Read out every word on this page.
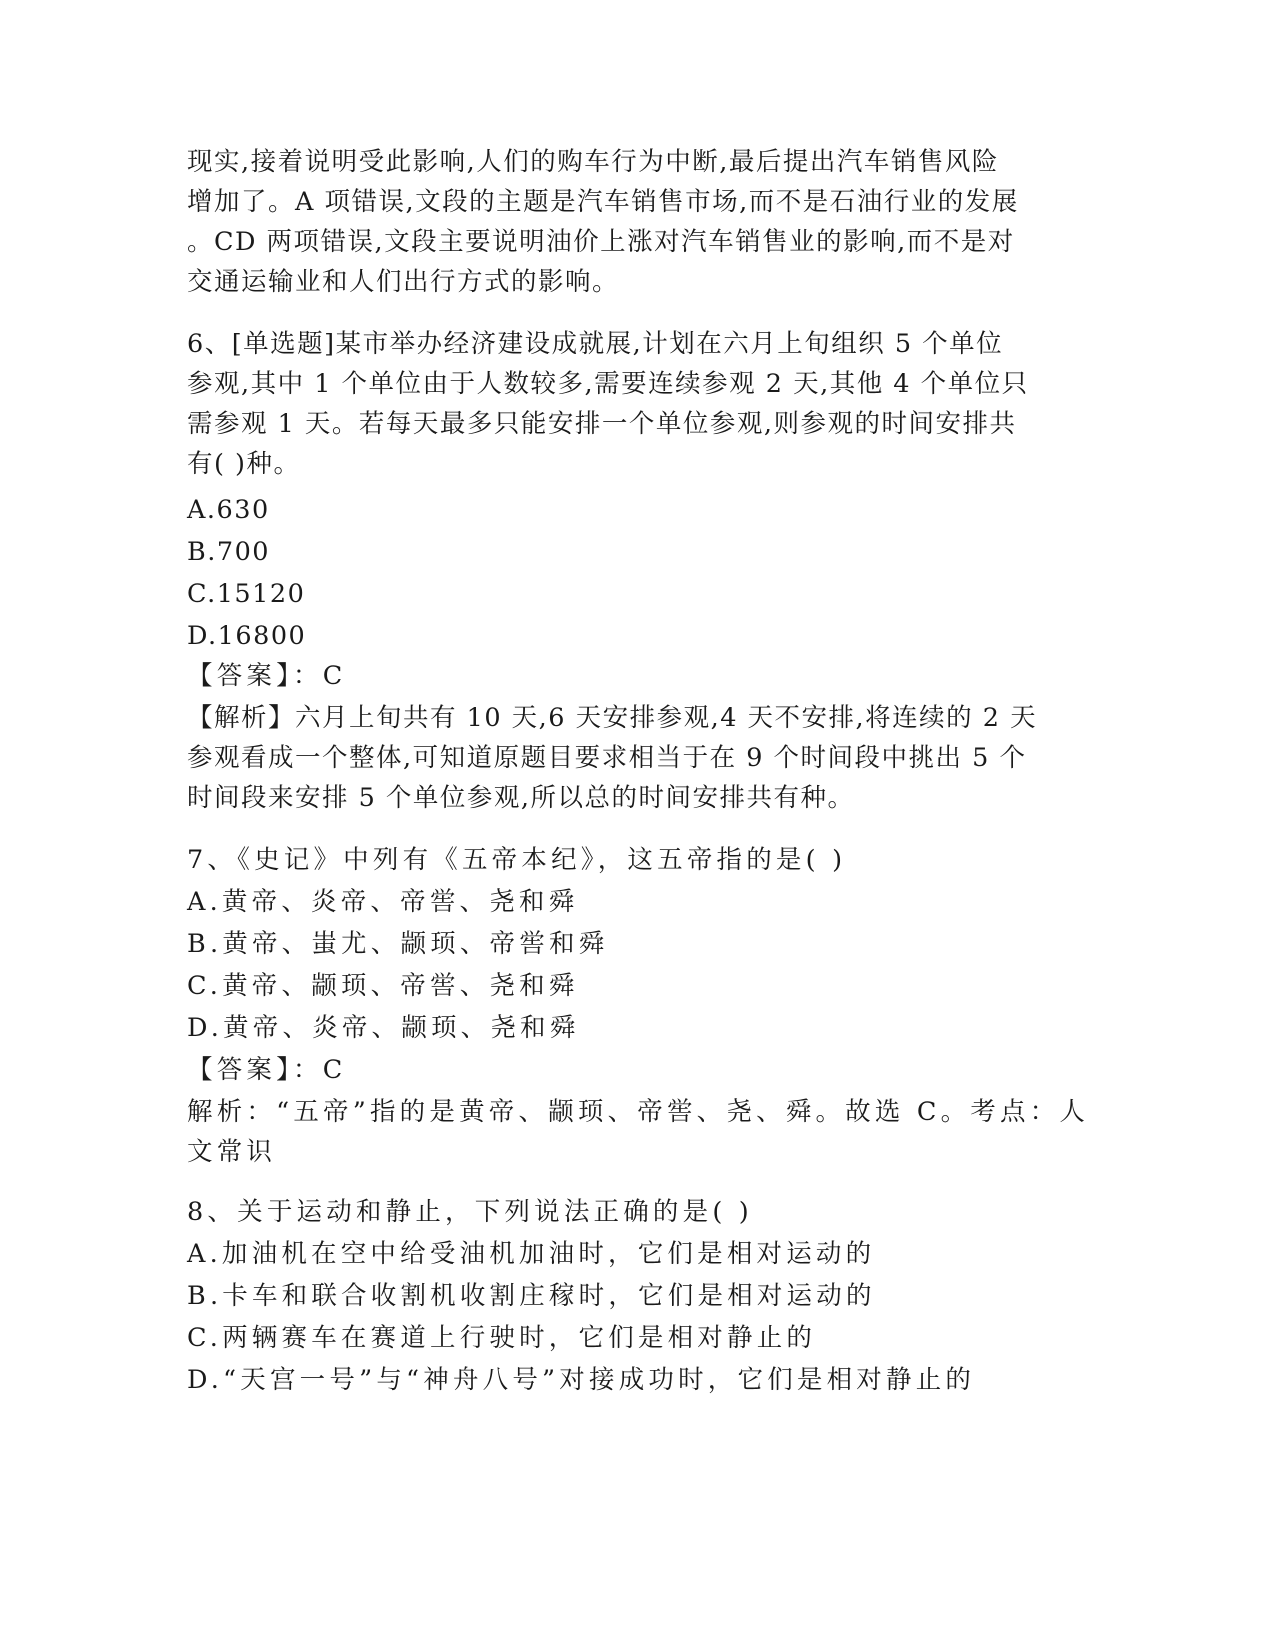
现实,接着说明受此影响,人们的购车行为中断,最后提出汽车销售风险
增加了。A 项错误,文段的主题是汽车销售市场,而不是石油行业的发展
。CD 两项错误,文段主要说明油价上涨对汽车销售业的影响,而不是对
交通运输业和人们出行方式的影响。
6、[单选题]某市举办经济建设成就展,计划在六月上旬组织 5 个单位
参观,其中 1 个单位由于人数较多,需要连续参观 2 天,其他 4 个单位只
需参观 1 天。若每天最多只能安排一个单位参观,则参观的时间安排共
有( )种。
A.630
B.700
C.15120
D.16800
【答案】：C
【解析】六月上旬共有 10 天,6 天安排参观,4 天不安排,将连续的 2 天
参观看成一个整体,可知道原题目要求相当于在 9 个时间段中挑出 5 个
时间段来安排 5 个单位参观,所以总的时间安排共有种。
7、《史记》中列有《五帝本纪》，这五帝指的是( )
A.黄帝、炎帝、帝喾、尧和舜
B.黄帝、蚩尤、颛顼、帝喾和舜
C.黄帝、颛顼、帝喾、尧和舜
D.黄帝、炎帝、颛顼、尧和舜
【答案】：C
解析：“五帝”指的是黄帝、颛顼、帝喾、尧、舜。故选 C。考点：人
文常识
8、关于运动和静止，下列说法正确的是( )
A.加油机在空中给受油机加油时，它们是相对运动的
B.卡车和联合收割机收割庄稼时，它们是相对运动的
C.两辆赛车在赛道上行驶时，它们是相对静止的
D.“天宫一号”与“神舟八号”对接成功时，它们是相对静止的
